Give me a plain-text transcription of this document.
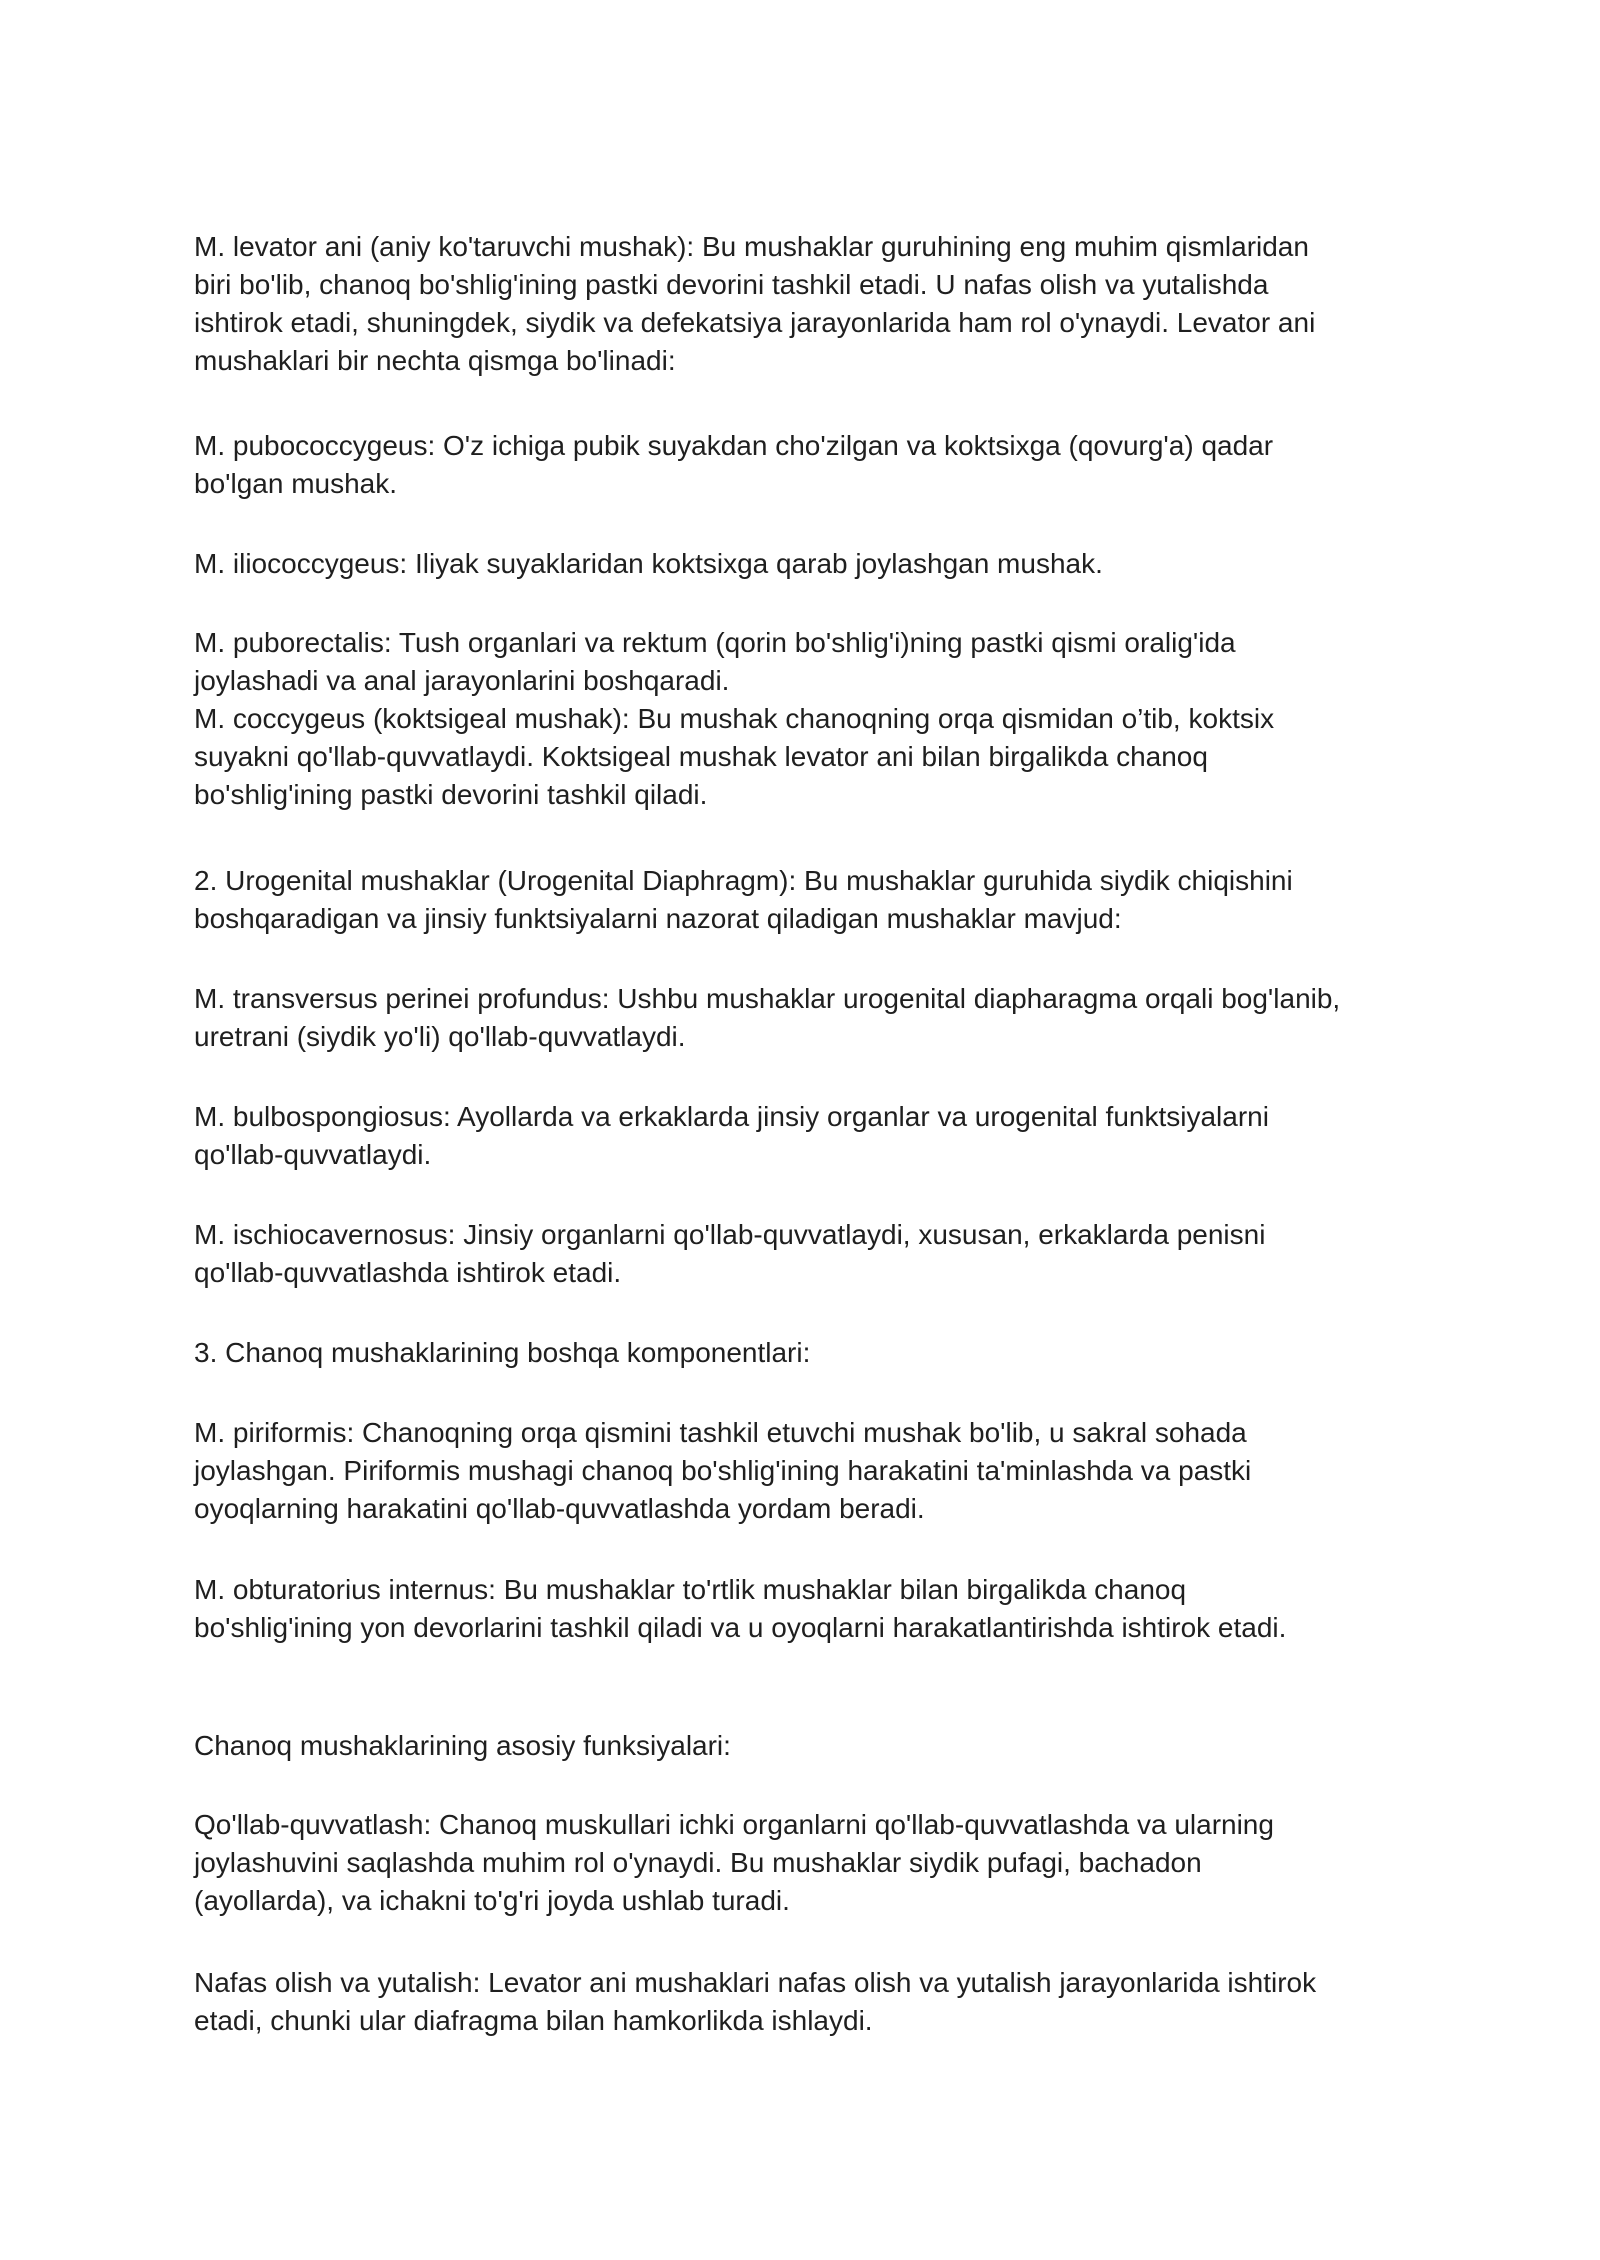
M. levator ani (aniy ko'taruvchi mushak): Bu mushaklar guruhining eng muhim qismlaridan
biri bo'lib, chanoq bo'shlig'ining pastki devorini tashkil etadi. U nafas olish va yutalishda
ishtirok etadi, shuningdek, siydik va defekatsiya jarayonlarida ham rol o'ynaydi. Levator ani
mushaklari bir nechta qismga bo'linadi:

M. pubococcygeus: O'z ichiga pubik suyakdan cho'zilgan va koktsixga (qovurg'a) qadar
bo'lgan mushak.

M. iliococcygeus: Iliyak suyaklaridan koktsixga qarab joylashgan mushak.

M. puborectalis: Tush organlari va rektum (qorin bo'shlig'i)ning pastki qismi oralig'ida
joylashadi va anal jarayonlarini boshqaradi.
M. coccygeus (koktsigeal mushak): Bu mushak chanoqning orqa qismidan o’tib, koktsix
suyakni qo'llab-quvvatlaydi. Koktsigeal mushak levator ani bilan birgalikda chanoq
bo'shlig'ining pastki devorini tashkil qiladi.

2. Urogenital mushaklar (Urogenital Diaphragm): Bu mushaklar guruhida siydik chiqishini
boshqaradigan va jinsiy funktsiyalarni nazorat qiladigan mushaklar mavjud:

M. transversus perinei profundus: Ushbu mushaklar urogenital diapharagma orqali bog'lanib,
uretrani (siydik yo'li) qo'llab-quvvatlaydi.

M. bulbospongiosus: Ayollarda va erkaklarda jinsiy organlar va urogenital funktsiyalarni
qo'llab-quvvatlaydi.

M. ischiocavernosus: Jinsiy organlarni qo'llab-quvvatlaydi, xususan, erkaklarda penisni
qo'llab-quvvatlashda ishtirok etadi.

3. Chanoq mushaklarining boshqa komponentlari:

M. piriformis: Chanoqning orqa qismini tashkil etuvchi mushak bo'lib, u sakral sohada
joylashgan. Piriformis mushagi chanoq bo'shlig'ining harakatini ta'minlashda va pastki
oyoqlarning harakatini qo'llab-quvvatlashda yordam beradi.

M. obturatorius internus: Bu mushaklar to'rtlik mushaklar bilan birgalikda chanoq
bo'shlig'ining yon devorlarini tashkil qiladi va u oyoqlarni harakatlantirishda ishtirok etadi.

Chanoq mushaklarining asosiy funksiyalari:

Qo'llab-quvvatlash: Chanoq muskullari ichki organlarni qo'llab-quvvatlashda va ularning
joylashuvini saqlashda muhim rol o'ynaydi. Bu mushaklar siydik pufagi, bachadon
(ayollarda), va ichakni to'g'ri joyda ushlab turadi.

Nafas olish va yutalish: Levator ani mushaklari nafas olish va yutalish jarayonlarida ishtirok
etadi, chunki ular diafragma bilan hamkorlikda ishlaydi.
